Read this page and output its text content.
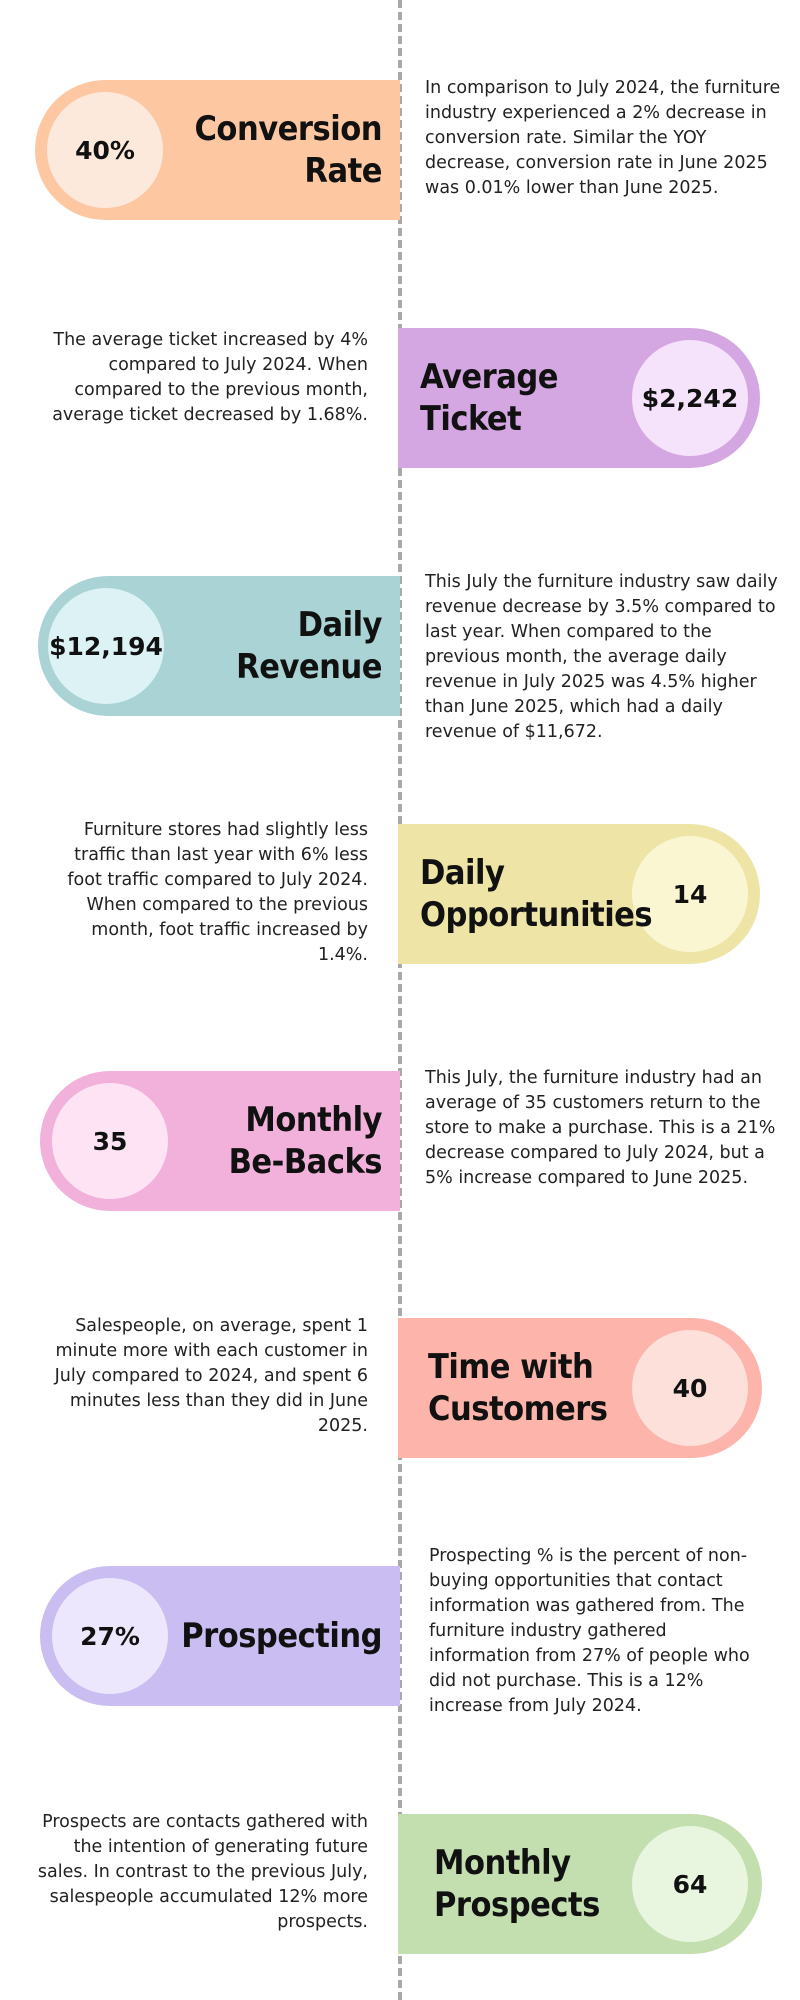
40%
Conversion
Rate
In comparison to July 2024, the furniture industry experienced a 2% decrease in conversion rate. Similar the YOY decrease, conversion rate in June 2025 was 0.01% lower than June 2025.
$2,242
Average
Ticket
The average ticket increased by 4% compared to July 2024. When compared to the previous month, average ticket decreased by 1.68%.
$12,194
Daily
Revenue
This July the furniture industry saw daily revenue decrease by 3.5% compared to last year. When compared to the previous month, the average daily revenue in July 2025 was 4.5% higher than June 2025, which had a daily revenue of $11,672.
14
Daily
Opportunities
Furniture stores had slightly less traffic than last year with 6% less foot traffic compared to July 2024. When compared to the previous month, foot traffic increased by 1.4%.
35
Monthly
Be-Backs
This July, the furniture industry had an average of 35 customers return to the store to make a purchase. This is a 21% decrease compared to July 2024, but a 5% increase compared to June 2025.
40
Time with
Customers
Salespeople, on average, spent 1 minute more with each customer in July compared to 2024, and spent 6 minutes less than they did in June 2025.
27% Prospecting
Prospecting % is the percent of non-buying opportunities that contact information was gathered from. The furniture industry gathered information from 27% of people who did not purchase. This is a 12% increase from July 2024.
64
Monthly
Prospects
Prospects are contacts gathered with the intention of generating future sales. In contrast to the previous July, salespeople accumulated 12% more prospects.
